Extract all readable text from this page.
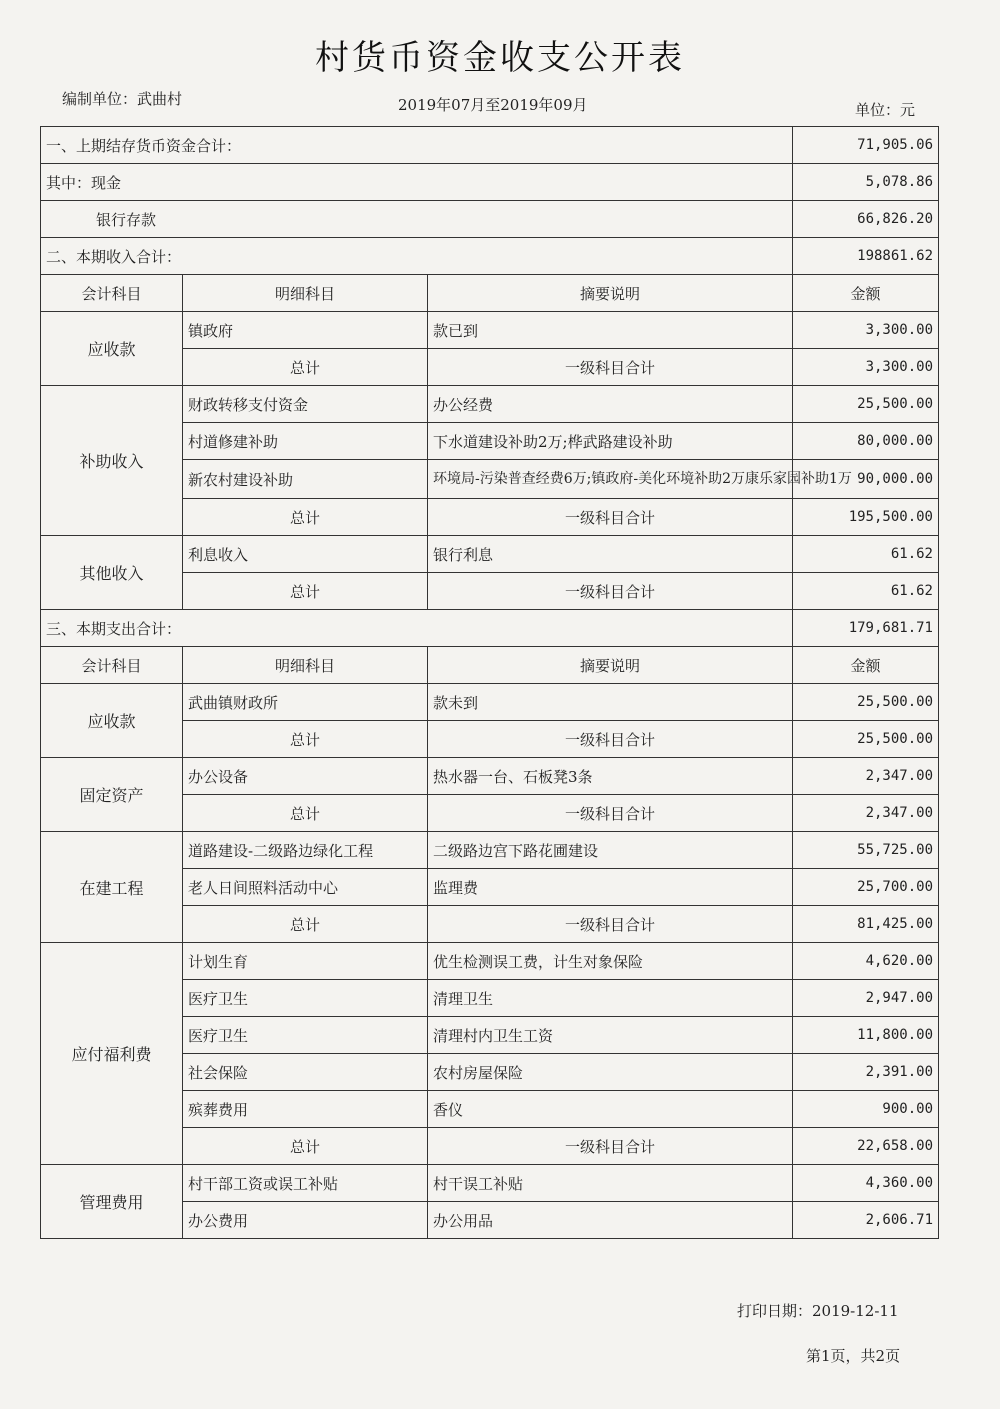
村货币资金收支公开表
编制单位：武曲村	2019年07月至2019年09月	单位：元
一、上期结存货币资金合计：			71,905.06
其中：现金			5,078.86
银行存款			66,826.20
二、本期收入合计：			198861.62
会计科目	明细科目	摘要说明	金额
应收款	镇政府	款已到	3,300.00
	总计	一级科目合计	3,300.00
补助收入	财政转移支付资金	办公经费	25,500.00
	村道修建补助	下水道建设补助2万;桦武路建设补助	80,000.00
	新农村建设补助	环境局-污染普查经费6万;镇政府-美化环境补助2万康乐家园补助1万	90,000.00
	总计	一级科目合计	195,500.00
其他收入	利息收入	银行利息	61.62
	总计	一级科目合计	61.62
三、本期支出合计：			179,681.71
会计科目	明细科目	摘要说明	金额
应收款	武曲镇财政所	款未到	25,500.00
	总计	一级科目合计	25,500.00
固定资产	办公设备	热水器一台、石板凳3条	2,347.00
	总计	一级科目合计	2,347.00
在建工程	道路建设-二级路边绿化工程	二级路边宫下路花圃建设	55,725.00
	老人日间照料活动中心	监理费	25,700.00
	总计	一级科目合计	81,425.00
应付福利费	计划生育	优生检测误工费，计生对象保险	4,620.00
	医疗卫生	清理卫生	2,947.00
	医疗卫生	清理村内卫生工资	11,800.00
	社会保险	农村房屋保险	2,391.00
	殡葬费用	香仪	900.00
	总计	一级科目合计	22,658.00
管理费用	村干部工资或误工补贴	村干误工补贴	4,360.00
	办公费用	办公用品	2,606.71
打印日期：2019-12-11
第1页，共2页
